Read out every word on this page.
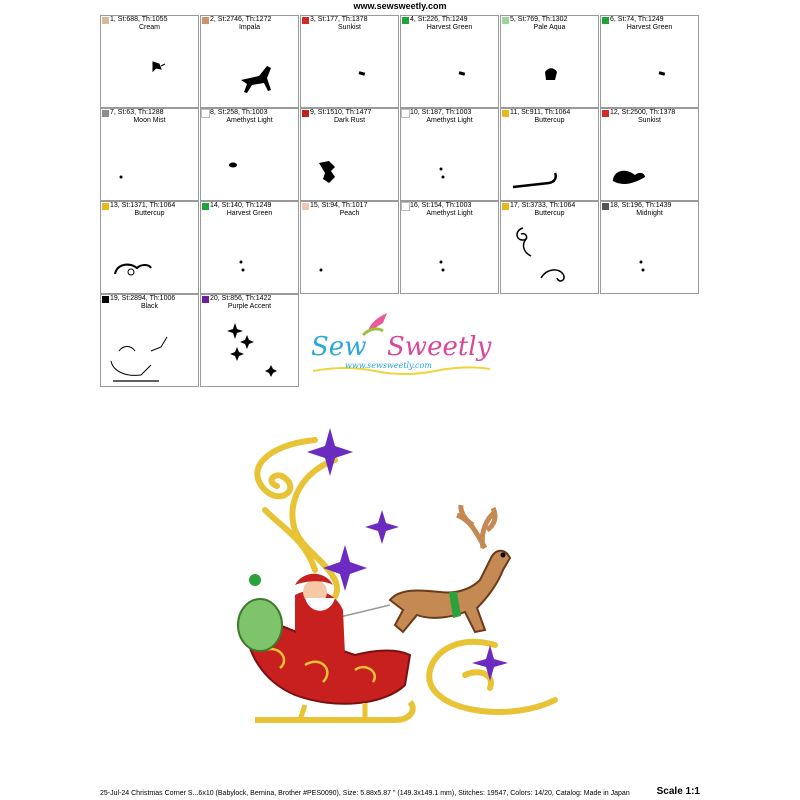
www.sewsweetly.com
1, St:688, Th:1055
Cream
2, St:2746, Th:1272
Impala
3, St:177, Th:1378
Sunkist
4, St:226, Th:1249
Harvest Green
5, St:769, Th:1302
Pale Aqua
6, St:74, Th:1249
Harvest Green
7, St:63, Th:1288
Moon Mist
8, St:258, Th:1003
Amethyst Light
9, St:1510, Th:1477
Dark Rust
10, St:187, Th:1003
Amethyst Light
11, St:911, Th:1064
Buttercup
12, St:2500, Th:1378
Sunkist
13, St:1371, Th:1064
Buttercup
14, St:140, Th:1249
Harvest Green
15, St:94, Th:1017
Peach
16, St:154, Th:1003
Amethyst Light
17, St:3733, Th:1064
Buttercup
18, St:196, Th:1439
Midnight
19, St:2894, Th:1006
Black
20, St:856, Th:1422
Purple Accent
Sew Sweetly
www.sewsweetly.com
25-Jul-24 Christmas Corner S...6x10 (Babylock, Bernina, Brother #PES0090), Size: 5.88x5.87 " (149.3x149.1 mm), Stitches: 19547, Colors: 14/20, Catalog: Made in Japan	Scale 1:1
